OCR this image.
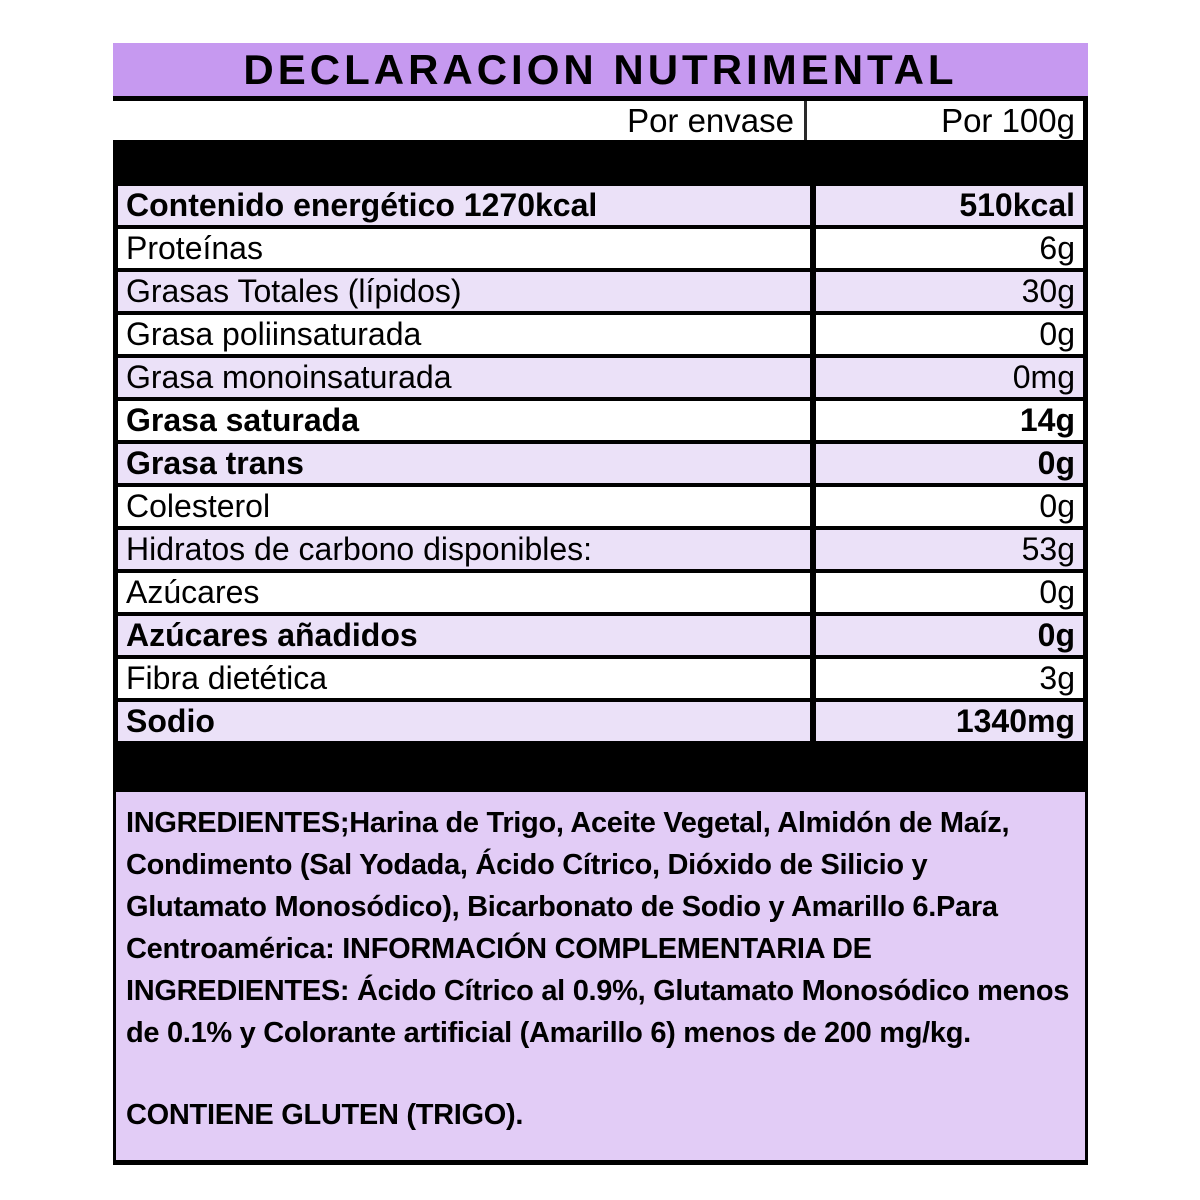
DECLARACION NUTRIMENTAL
Por envase	Por 100g
Contenido energético 1270kcal	510kcal
Proteínas	6g
Grasas Totales (lípidos)	30g
Grasa poliinsaturada	0g
Grasa monoinsaturada	0mg
Grasa saturada	14g
Grasa trans	0g
Colesterol	0g
Hidratos de carbono disponibles:	53g
Azúcares	0g
Azúcares añadidos	0g
Fibra dietética	3g
Sodio	1340mg

INGREDIENTES;Harina de Trigo, Aceite Vegetal, Almidón de Maíz, Condimento (Sal Yodada, Ácido Cítrico, Dióxido de Silicio y Glutamato Monosódico), Bicarbonato de Sodio y Amarillo 6.Para Centroamérica: INFORMACIÓN COMPLEMENTARIA DE INGREDIENTES: Ácido Cítrico al 0.9%, Glutamato Monosódico menos de 0.1% y Colorante artificial (Amarillo 6) menos de 200 mg/kg.

CONTIENE GLUTEN (TRIGO).
